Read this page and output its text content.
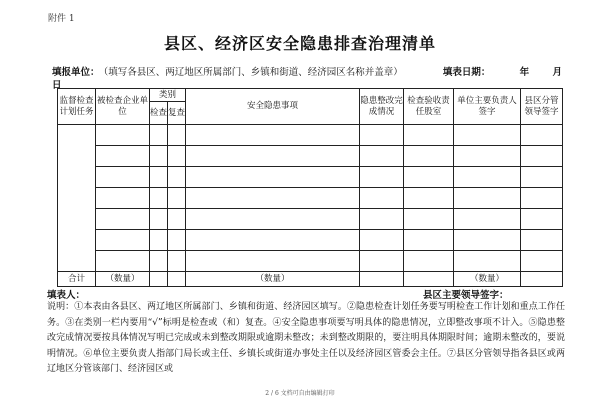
附件 1
县区、经济区安全隐患排查治理清单
填报单位： （填写各县区、两辽地区所属部门、乡镇和街道、经济园区名称并盖章）	填表日期：	年 月
日
监督检查计划任务	被检查企业单位	类别		安全隐患事项	隐患整改完成情况	检查验收责任股室	单位主要负责人签字	县区分管领导签字
		检查	复查					

合计	（数量）			（数量）			（数量）	
填表人：	县区主要领导签字：
说明：①本表由各县区、两辽地区所属部门、乡镇和街道、经济园区填写。②隐患检查计划任务要写明检查工作计划和重点工作任务。③在类别一栏内要用“√”标明是检查或（和）复查。④安全隐患事项要写明具体的隐患情况，立即整改事项不计入。⑤隐患整改完成情况要按具体情况写明已完成或未到整改期限或逾期未整改；未到整改期限的，要注明具体期限时间；逾期未整改的，要说明情况。⑥单位主要负责人指部门局长或主任、乡镇长或街道办事处主任以及经济园区管委会主任。⑦县区分管领导指各县区或两辽地区分管该部门、经济园区或
2 / 6 文档可自由编辑打印
